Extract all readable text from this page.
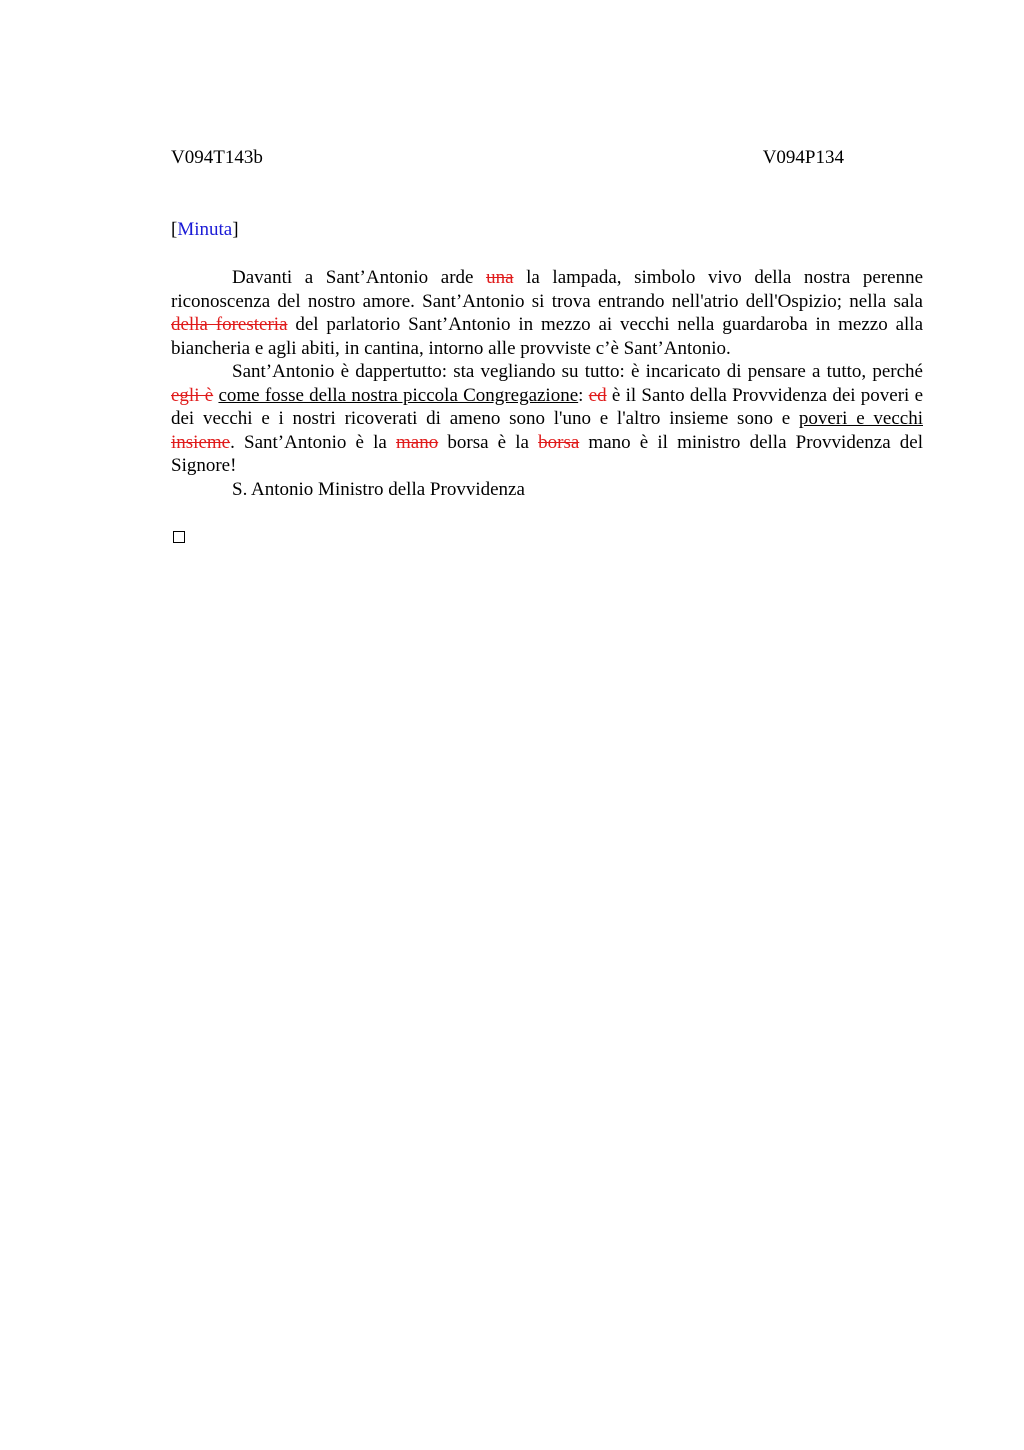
V094T143b	V094P134
[Minuta]

Davanti a Sant’Antonio arde una la lampada, simbolo vivo della nostra perenne riconoscenza del nostro amore. Sant’Antonio si trova entrando nell'atrio dell'Ospizio; nella sala della foresteria del parlatorio Sant’Antonio in mezzo ai vecchi nella guardaroba in mezzo alla biancheria e agli abiti, in cantina, intorno alle provviste c’è Sant’Antonio.

Sant’Antonio è dappertutto: sta vegliando su tutto: è incaricato di pensare a tutto, perché egli è come fosse della nostra piccola Congregazione: ed è il Santo della Provvidenza dei poveri e dei vecchi e i nostri ricoverati di ameno sono l'uno e l'altro insieme sono e poveri e vecchi insieme. Sant’Antonio è la mano borsa è la borsa mano è il ministro della Provvidenza del Signore!

S. Antonio Ministro della Provvidenza
